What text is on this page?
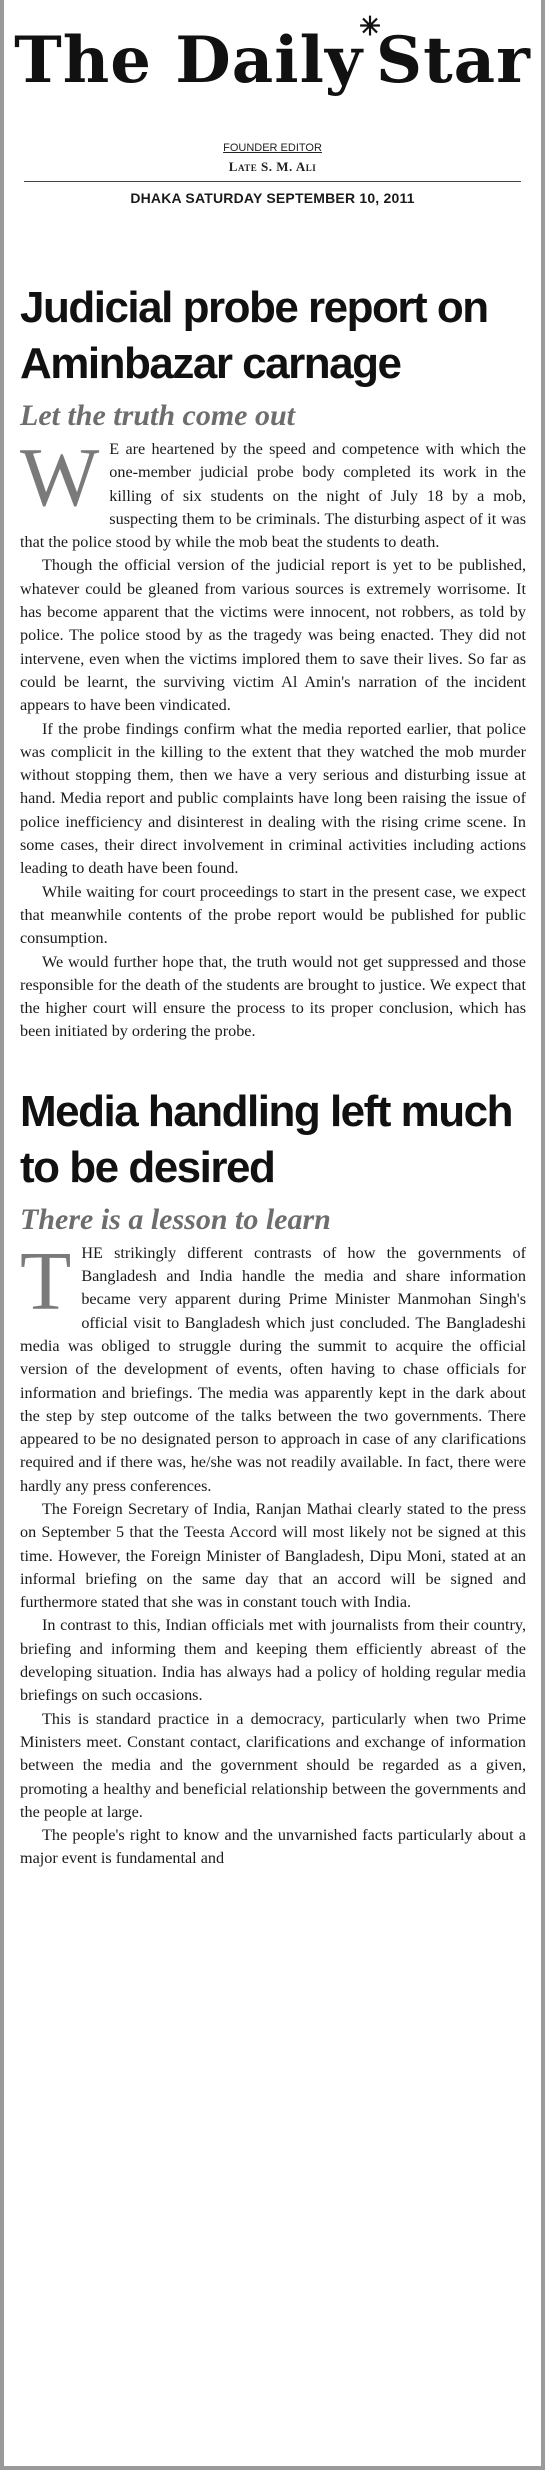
The Daily
✳
Star
FOUNDER EDITOR
Late S. M. Ali
DHAKA SATURDAY SEPTEMBER 10, 2011
Judicial probe report on Aminbazar carnage
Let the truth come out

W E are heartened by the speed and competence with which the one-member judicial probe body completed its work in the killing of six students on the night of July 18 by a mob, suspecting them to be criminals. The disturbing aspect of it was that the police stood by while the mob beat the students to death.

Though the official version of the judicial report is yet to be published, whatever could be gleaned from various sources is extremely worrisome. It has become apparent that the victims were innocent, not robbers, as told by police. The police stood by as the tragedy was being enacted. They did not intervene, even when the victims implored them to save their lives. So far as could be learnt, the surviving victim Al Amin's narration of the incident appears to have been vindicated.

If the probe findings confirm what the media reported earlier, that police was complicit in the killing to the extent that they watched the mob murder without stopping them, then we have a very serious and disturbing issue at hand. Media report and public complaints have long been raising the issue of police inefficiency and disinterest in dealing with the rising crime scene. In some cases, their direct involvement in criminal activities including actions leading to death have been found.

While waiting for court proceedings to start in the present case, we expect that meanwhile contents of the probe report would be published for public consumption.

We would further hope that, the truth would not get suppressed and those responsible for the death of the students are brought to justice. We expect that the higher court will ensure the process to its proper conclusion, which has been initiated by ordering the probe.

Media handling left much to be desired
There is a lesson to learn

THE strikingly different contrasts of how the governments of Bangladesh and India handle the media and share information became very apparent during Prime Minister Manmohan Singh's official visit to Bangladesh which just concluded. The Bangladeshi media was obliged to struggle during the summit to acquire the official version of the development of events, often having to chase officials for information and briefings. The media was apparently kept in the dark about the step by step outcome of the talks between the two governments. There appeared to be no designated person to approach in case of any clarifications required and if there was, he/she was not readily available. In fact, there were hardly any press conferences.

The Foreign Secretary of India, Ranjan Mathai clearly stated to the press on September 5 that the Teesta Accord will most likely not be signed at this time. However, the Foreign Minister of Bangladesh, Dipu Moni, stated at an informal briefing on the same day that an accord will be signed and furthermore stated that she was in constant touch with India.

In contrast to this, Indian officials met with journalists from their country, briefing and informing them and keeping them efficiently abreast of the developing situation. India has always had a policy of holding regular media briefings on such occasions.

This is standard practice in a democracy, particularly when two Prime Ministers meet. Constant contact, clarifications and exchange of information between the media and the government should be regarded as a given, promoting a healthy and beneficial relationship between the governments and the people at large.

The people's right to know and the unvarnished facts particularly about a major event is fundamental and
